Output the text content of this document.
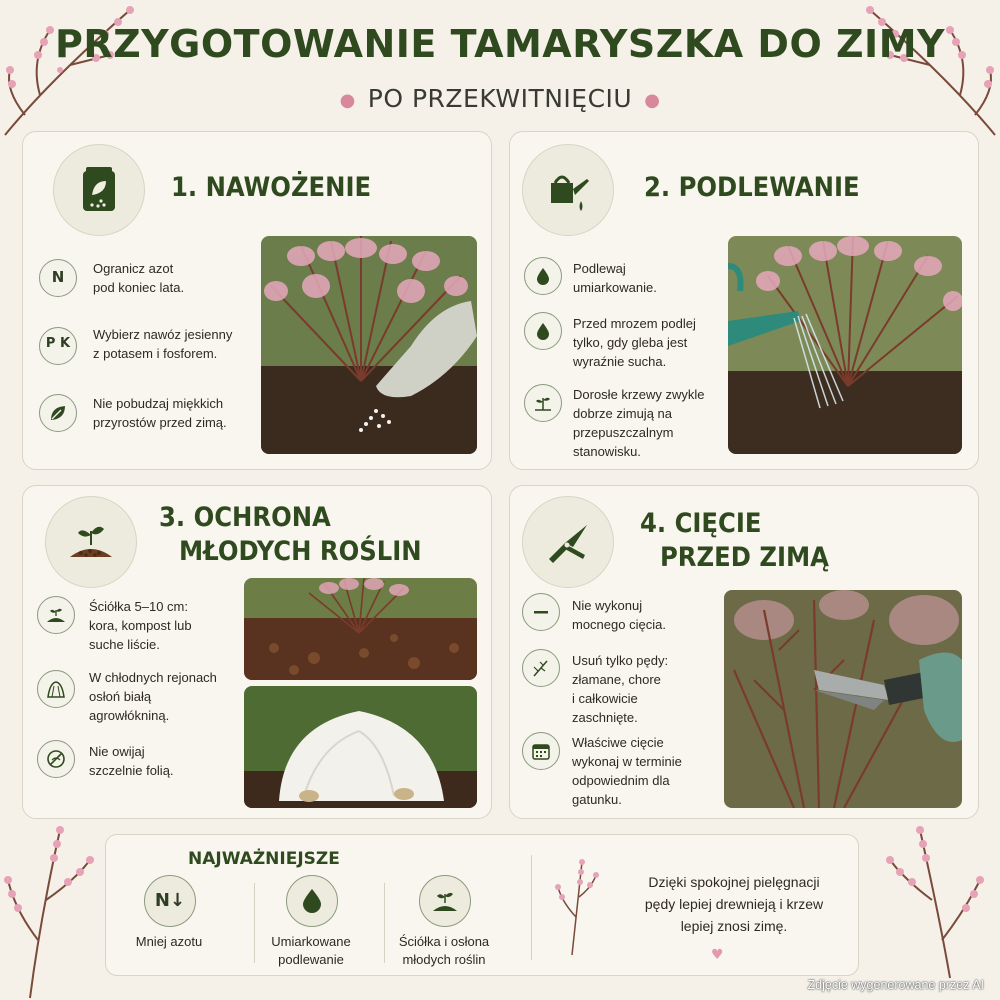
PRZYGOTOWANIE TAMARYSZKA DO ZIMY
● PO PRZEKWITNIĘCIU ●
1. NAWOŻENIE
N	Ogranicz azot
pod koniec lata.
P K
Wybierz nawóz jesienny
z potasem i fosforem.
Nie pobudzaj miękkich
przyrostów przed zimą.
2. PODLEWANIE
Podlewaj
umiarkowanie.
Przed mrozem podlej
tylko, gdy gleba jest
wyraźnie sucha.
Dorosłe krzewy zwykle
dobrze zimują na
przepuszczalnym
stanowisku.
3. OCHRONA
MŁODYCH ROŚLIN
Ściółka 5–10 cm:
kora, kompost lub
suche liście.
W chłodnych rejonach
osłoń białą
agrowłókniną.
Nie owijaj
szczelnie folią.
4. CIĘCIE
PRZED ZIMĄ
Nie wykonuj
mocnego cięcia.
Usuń tylko pędy:
złamane, chore
i całkowicie
zaschnięte.
Właściwe cięcie
wykonaj w terminie
odpowiednim dla
gatunku.
NAJWAŻNIEJSZE
N↓
Mniej azotu	Umiarkowane
podlewanie
Ściółka i osłona
młodych roślin
Dzięki spokojnej pielęgnacji
pędy lepiej drewnieją i krzew
lepiej znosi zimę.
♥
Zdjęcie wygenerowane przez AI
